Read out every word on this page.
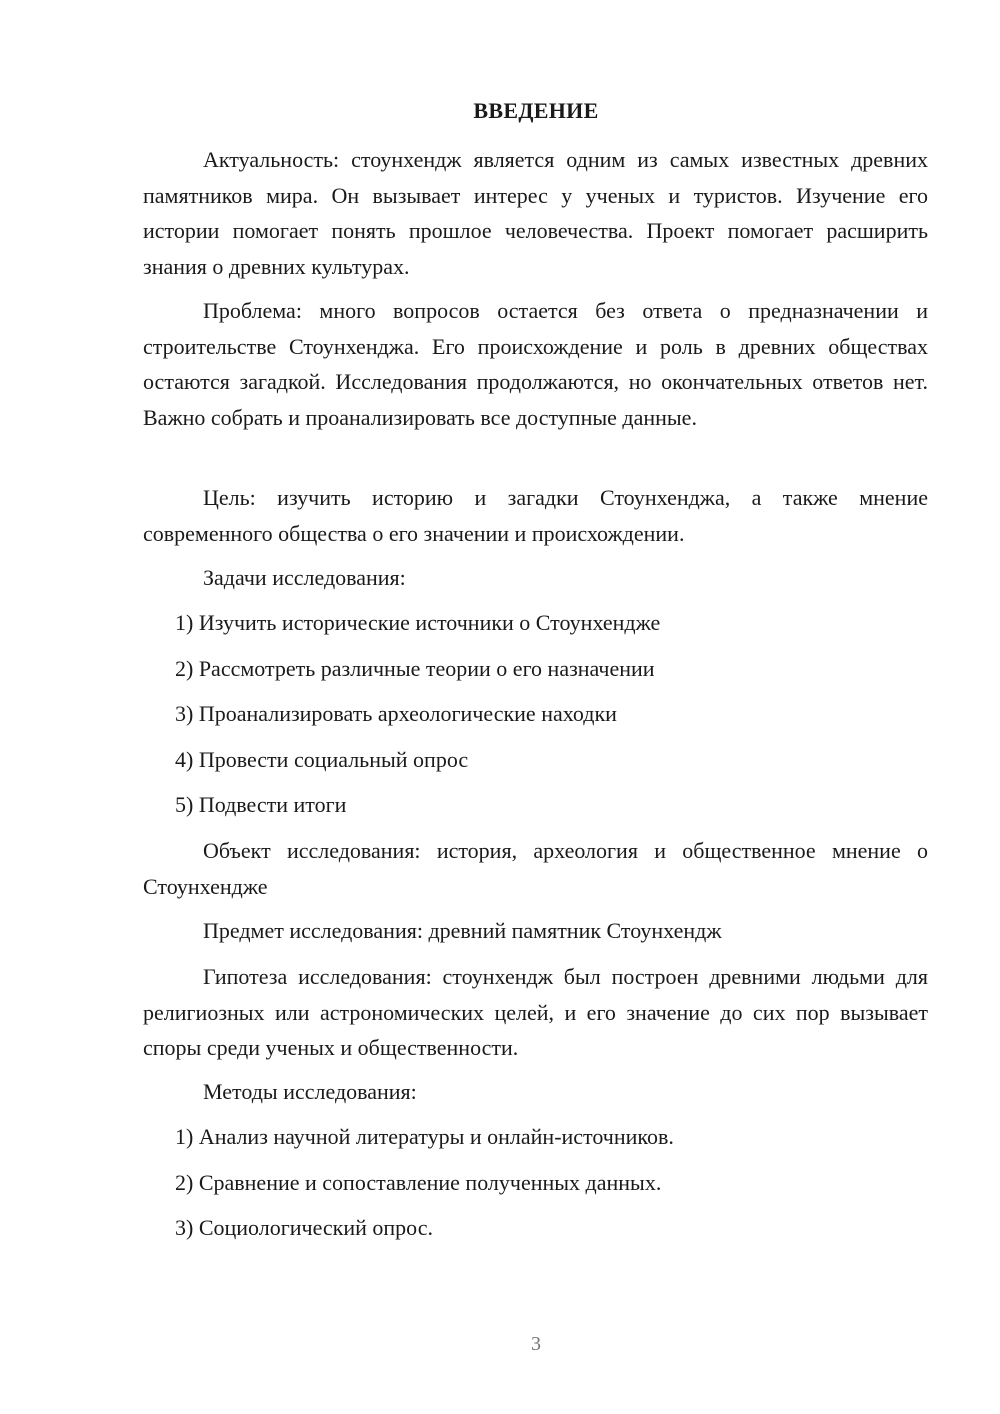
ВВЕДЕНИЕ

Актуальность: стоунхендж является одним из самых известных древних памятников мира. Он вызывает интерес у ученых и туристов. Изучение его истории помогает понять прошлое человечества. Проект помогает расширить знания о древних культурах.

Проблема: много вопросов остается без ответа о предназначении и строительстве Стоунхенджа. Его происхождение и роль в древних обществах остаются загадкой. Исследования продолжаются, но окончательных ответов нет. Важно собрать и проанализировать все доступные данные.

Цель: изучить историю и загадки Стоунхенджа, а также мнение современного общества о его значении и происхождении.

Задачи исследования:

1) Изучить исторические источники о Стоунхендже

2) Рассмотреть различные теории о его назначении

3) Проанализировать археологические находки

4) Провести социальный опрос

5) Подвести итоги

Объект исследования: история, археология и общественное мнение о Стоунхендже

Предмет исследования: древний памятник Стоунхендж

Гипотеза исследования: стоунхендж был построен древними людьми для религиозных или астрономических целей, и его значение до сих пор вызывает споры среди ученых и общественности.

Методы исследования:

1) Анализ научной литературы и онлайн-источников.

2) Сравнение и сопоставление полученных данных.

3) Социологический опрос.

3
